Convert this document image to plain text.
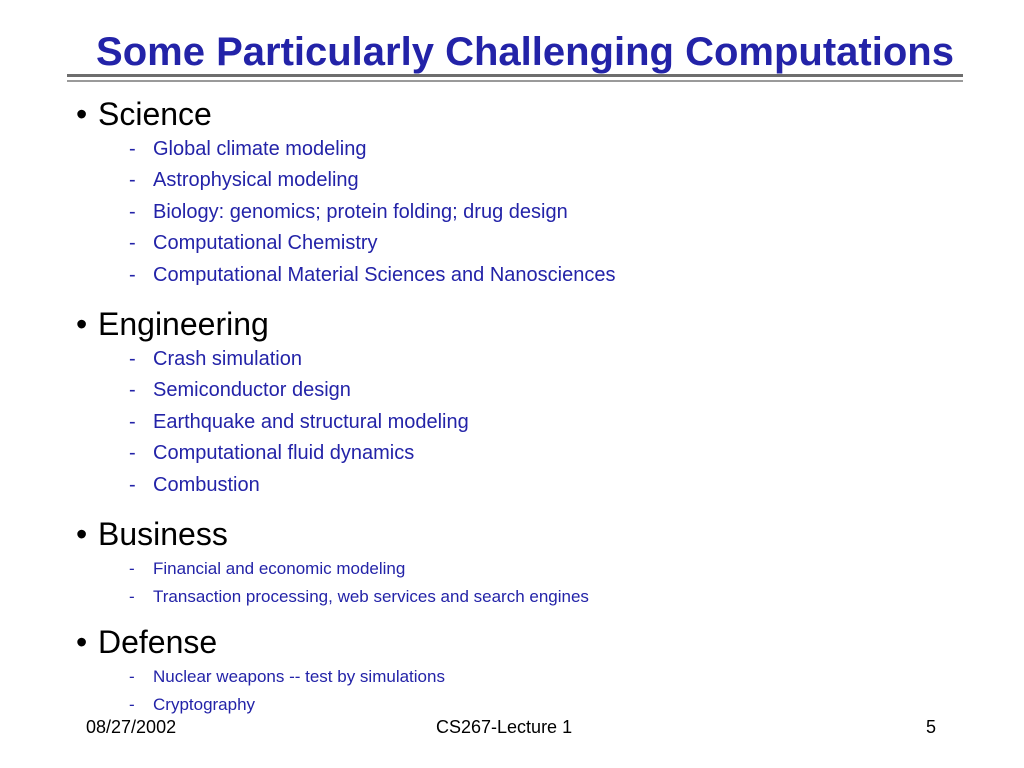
Some Particularly Challenging Computations
• Science
- Global climate modeling
- Astrophysical modeling
- Biology: genomics; protein folding; drug design
- Computational Chemistry
- Computational Material Sciences and Nanosciences
• Engineering
- Crash simulation
- Semiconductor design
- Earthquake and structural modeling
- Computational fluid dynamics
- Combustion
• Business
- Financial and economic modeling
- Transaction processing, web services and search engines
• Defense
- Nuclear weapons -- test by simulations
- Cryptography
08/27/2002	CS267-Lecture 1	5
